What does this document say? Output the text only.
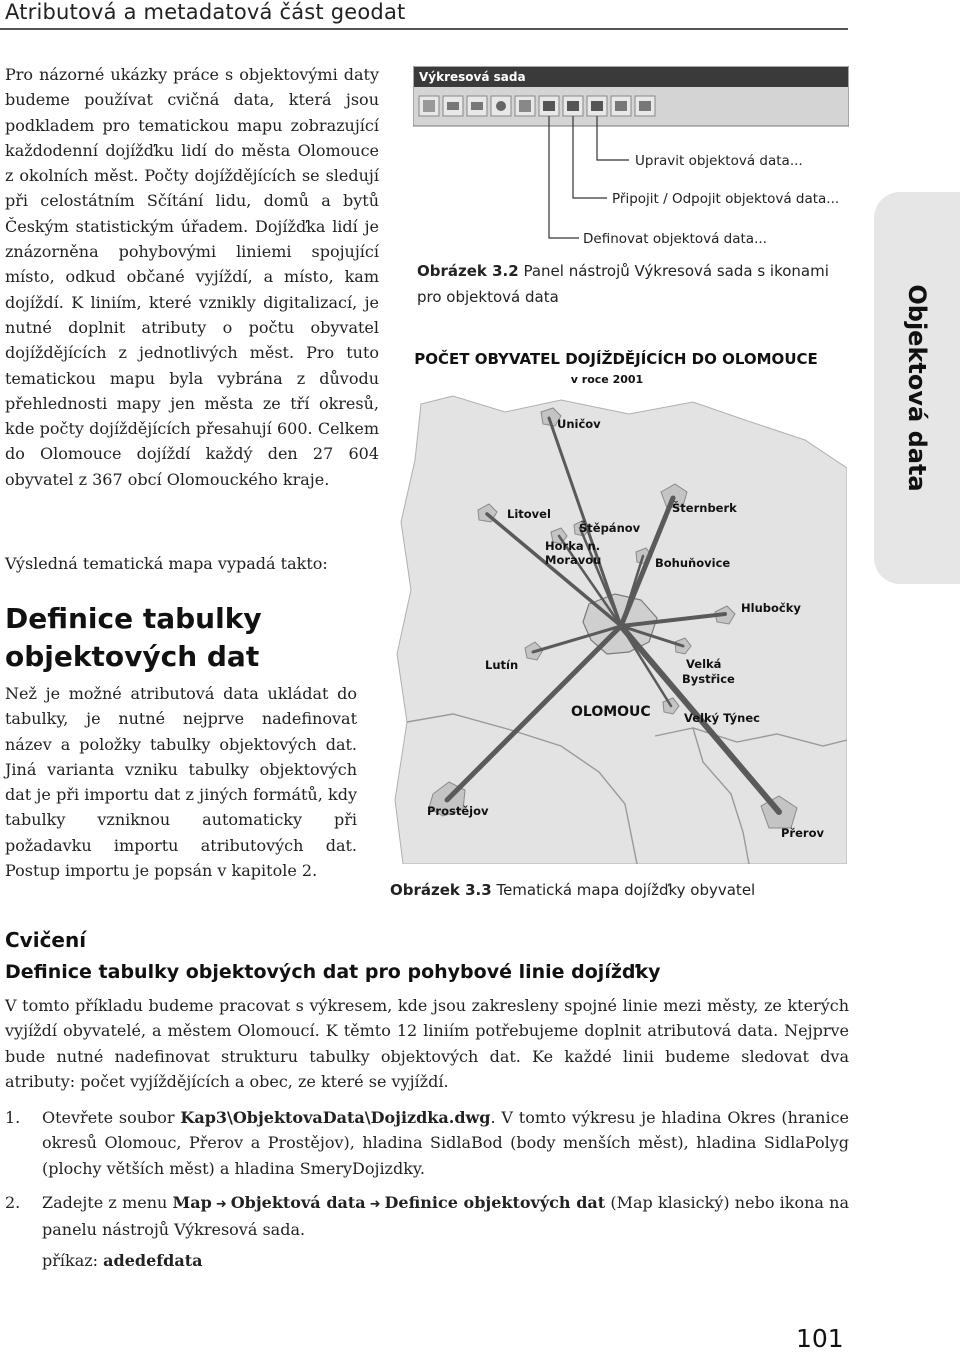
Atributová a metadatová část geodat
Pro názorné ukázky práce s objektovými daty budeme používat cvičná data, která jsou podkladem pro tematickou mapu zobrazující každodenní dojížďku lidí do města Olomouce z okolních měst. Počty dojíždějících se sledují při celostátním Sčítání lidu, domů a bytů Českým statistickým úřadem. Dojížďka lidí je znázorněna pohybovými liniemi spojující místo, odkud občané vyjíždí, a místo, kam dojíždí. K liniím, které vznikly digitalizací, je nutné doplnit atributy o počtu obyvatel dojíždějících z jednotlivých měst. Pro tuto tematickou mapu byla vybrána z důvodu přehlednosti mapy jen města ze tří okresů, kde počty dojíždějících přesahují 600. Celkem do Olomouce dojíždí každý den 27 604 obyvatel z 367 obcí Olomouckého kraje.
Výsledná tematická mapa vypadá takto:
Definice tabulky
objektových dat
Než je možné atributová data ukládat do tabulky, je nutné nejprve nadefinovat název a položky tabulky objektových dat. Jiná varianta vzniku tabulky objektových dat je při importu dat z jiných formátů, kdy tabulky vzniknou automaticky při požadavku importu atributových dat. Postup importu je popsán v kapitole 2.
Výkresová sada
Upravit objektová data...
Připojit / Odpojit objektová data...
Definovat objektová data...
Obrázek 3.2 Panel nástrojů Výkresová sada s ikonami pro objektová data
POČET OBYVATEL DOJÍŽDĚJÍCÍCH DO OLOMOUCE
v roce 2001
Uničov
Litovel
Štěpánov
Šternberk
Horka n.
Moravou	Bohuňovice
Hlubočky
Lutín	Velká
Bystřice
Velký Týnec
Prostějov
Přerov
OLOMOUC
Obrázek 3.3 Tematická mapa dojížďky obyvatel
Objektová data
Cvičení
Definice tabulky objektových dat pro pohybové linie dojížďky
V tomto příkladu budeme pracovat s výkresem, kde jsou zakresleny spojné linie mezi městy, ze kterých vyjíždí obyvatelé, a městem Olomoucí. K těmto 12 liniím potřebujeme doplnit atributová data. Nejprve bude nutné nadefinovat strukturu tabulky objektových dat. Ke každé linii budeme sledovat dva atributy: počet vyjíždějících a obec, ze které se vyjíždí.
1. Otevřete soubor Kap3\ObjektovaData\Dojizdka.dwg. V tomto výkresu je hladina Okres (hranice okresů Olomouc, Přerov a Prostějov), hladina SidlaBod (body menších měst), hladina SidlaPolyg (plochy větších měst) a hladina SmeryDojizdky.
2. Zadejte z menu Map ➜ Objektová data ➜ Definice objektových dat (Map klasický) nebo ikona na panelu nástrojů Výkresová sada.
příkaz: adedefdata
101
